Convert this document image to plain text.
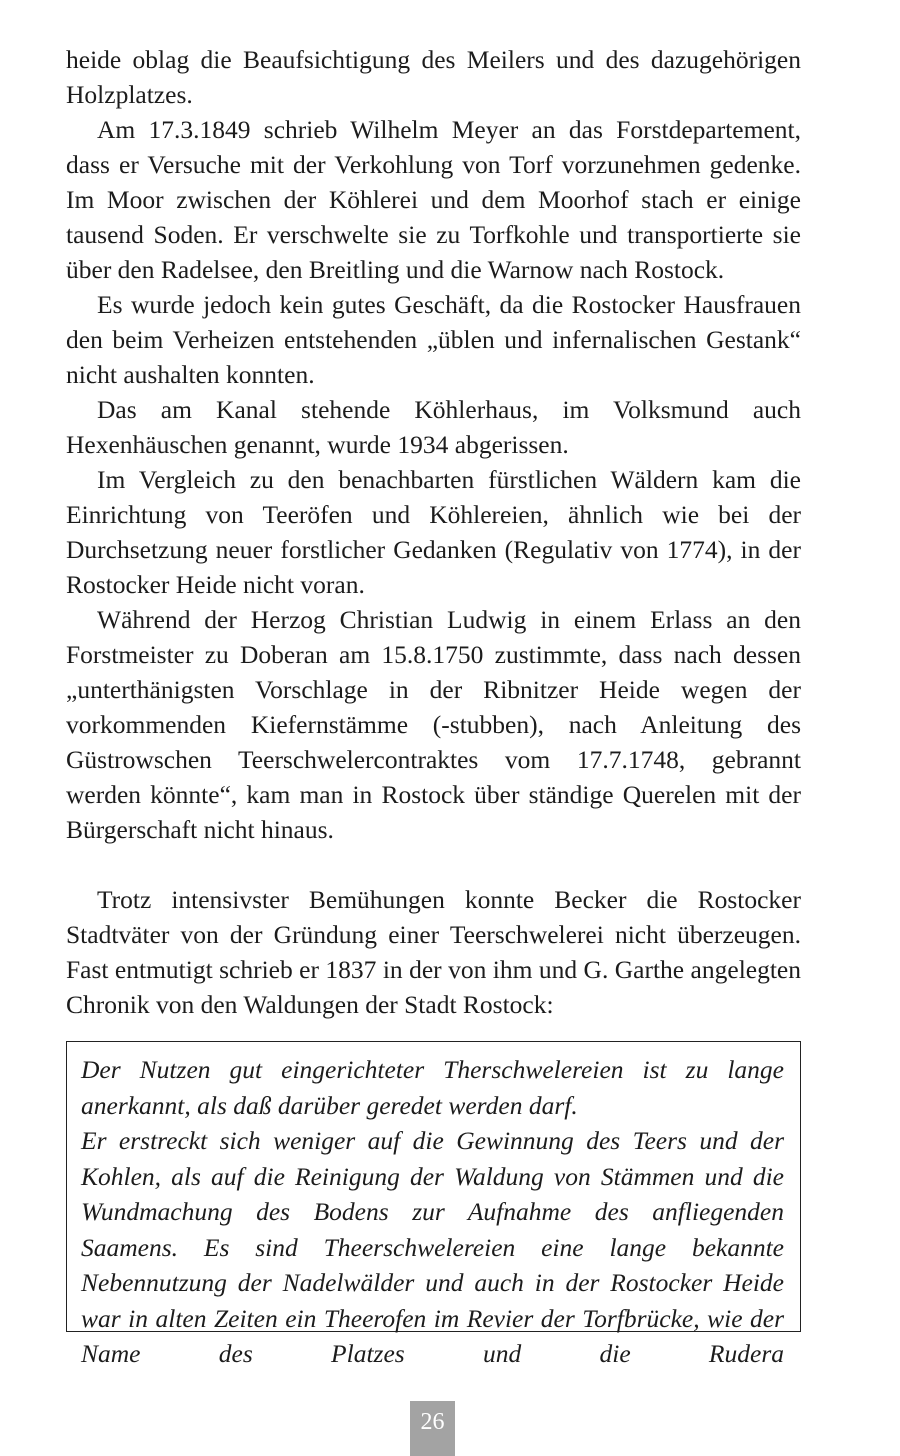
heide oblag die Beaufsichtigung des Meilers und des dazugehörigen Holzplatzes.

Am 17.3.1849 schrieb Wilhelm Meyer an das Forstdepartement, dass er Versuche mit der Verkohlung von Torf vorzunehmen gedenke. Im Moor zwischen der Köhlerei und dem Moorhof stach er einige tausend Soden. Er verschwelte sie zu Torfkohle und transportierte sie über den Radelsee, den Breitling und die Warnow nach Rostock.

Es wurde jedoch kein gutes Geschäft, da die Rostocker Hausfrauen den beim Verheizen entstehenden „üblen und infernalischen Gestank“ nicht aushalten konnten.

Das am Kanal stehende Köhlerhaus, im Volksmund auch Hexenhäuschen genannt, wurde 1934 abgerissen.

Im Vergleich zu den benachbarten fürstlichen Wäldern kam die Einrichtung von Teeröfen und Köhlereien, ähnlich wie bei der Durchsetzung neuer forstlicher Gedanken (Regulativ von 1774), in der Rostocker Heide nicht voran.

Während der Herzog Christian Ludwig in einem Erlass an den Forstmeister zu Doberan am 15.8.1750 zustimmte, dass nach dessen „unterthänigsten Vorschlage in der Ribnitzer Heide wegen der vorkommenden Kiefernstämme (-stubben), nach Anleitung des Güstrowschen Teerschwelercontraktes vom 17.7.1748, gebrannt werden könnte“, kam man in Rostock über ständige Querelen mit der Bürgerschaft nicht hinaus.

Trotz intensivster Bemühungen konnte Becker die Rostocker Stadtväter von der Gründung einer Teerschwelerei nicht überzeugen. Fast entmutigt schrieb er 1837 in der von ihm und G. Garthe angelegten Chronik von den Waldungen der Stadt Rostock:

Der Nutzen gut eingerichteter Therschwelereien ist zu lange anerkannt, als daß darüber geredet werden darf.

Er erstreckt sich weniger auf die Gewinnung des Teers und der Kohlen, als auf die Reinigung der Waldung von Stämmen und die Wundmachung des Bodens zur Aufnahme des anfliegenden Saamens. Es sind Theerschwelereien eine lange bekannte Nebennutzung der Nadelwälder und auch in der Rostocker Heide war in alten Zeiten ein Theerofen im Revier der Torfbrücke, wie der Name des Platzes und die Rudera

26
